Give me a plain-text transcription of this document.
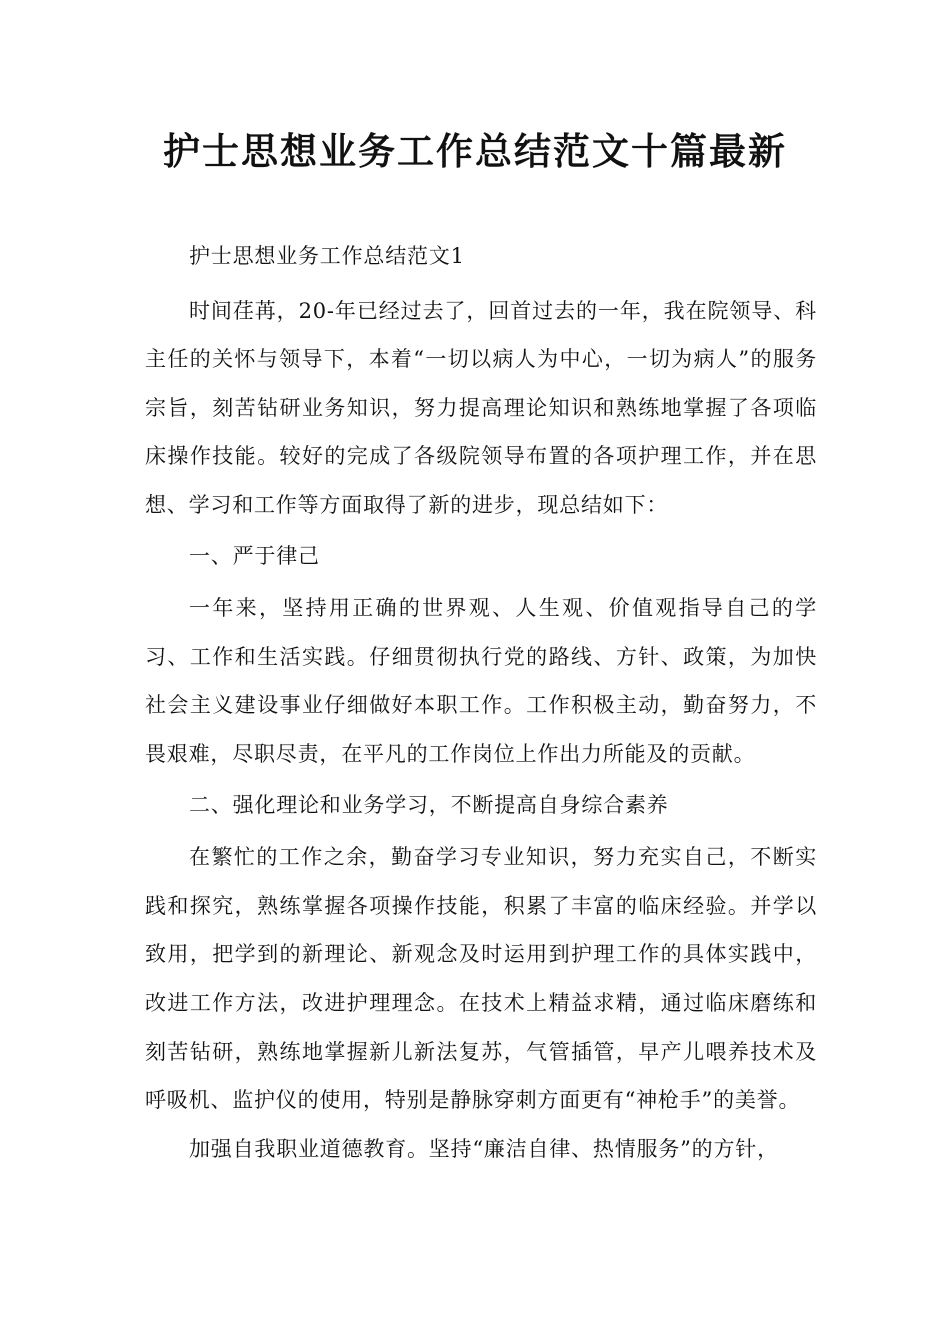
护士思想业务工作总结范文十篇最新

护士思想业务工作总结范文1

时间荏苒，20-年已经过去了，回首过去的一年，我在院领导、科主任的关怀与领导下，本着“一切以病人为中心，一切为病人”的服务宗旨，刻苦钻研业务知识，努力提高理论知识和熟练地掌握了各项临床操作技能。较好的完成了各级院领导布置的各项护理工作，并在思想、学习和工作等方面取得了新的进步，现总结如下：

一、严于律己

一年来，坚持用正确的世界观、人生观、价值观指导自己的学习、工作和生活实践。仔细贯彻执行党的路线、方针、政策，为加快社会主义建设事业仔细做好本职工作。工作积极主动，勤奋努力，不畏艰难，尽职尽责，在平凡的工作岗位上作出力所能及的贡献。

二、强化理论和业务学习，不断提高自身综合素养

在繁忙的工作之余，勤奋学习专业知识，努力充实自己，不断实践和探究，熟练掌握各项操作技能，积累了丰富的临床经验。并学以致用，把学到的新理论、新观念及时运用到护理工作的具体实践中，改进工作方法，改进护理理念。在技术上精益求精，通过临床磨练和刻苦钻研，熟练地掌握新儿新法复苏，气管插管，早产儿喂养技术及呼吸机、监护仪的使用，特别是静脉穿刺方面更有“神枪手”的美誉。

加强自我职业道德教育。坚持“廉洁自律、热情服务”的方针，
